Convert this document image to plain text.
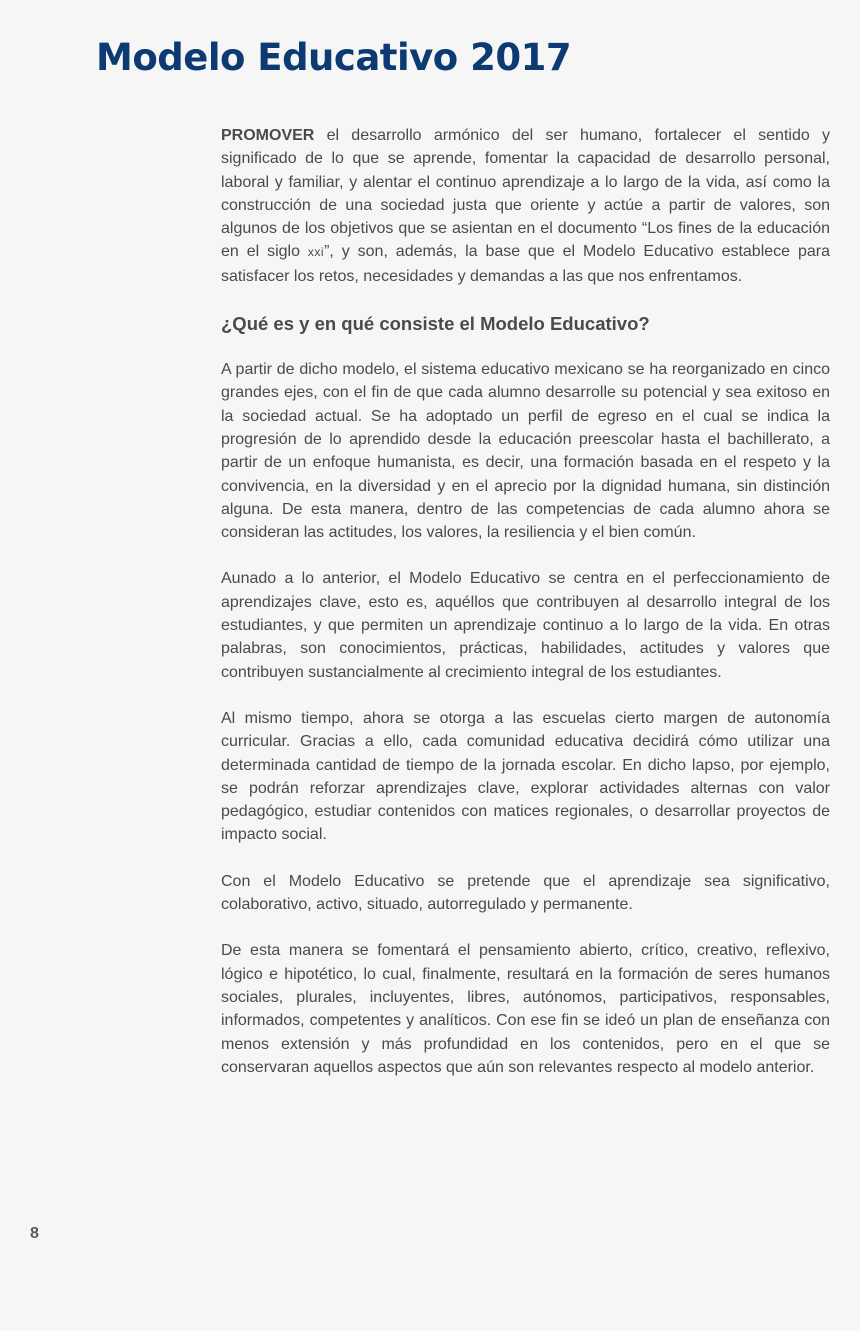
Modelo Educativo 2017

PROMOVER el desarrollo armónico del ser humano, fortalecer el sentido y significado de lo que se aprende, fomentar la capacidad de desarrollo personal, laboral y familiar, y alentar el continuo aprendizaje a lo largo de la vida, así como la construcción de una sociedad justa que oriente y actúe a partir de valores, son algunos de los objetivos que se asientan en el documento “Los fines de la educación en el siglo xxi”, y son, además, la base que el Modelo Educativo establece para satisfacer los retos, necesidades y demandas a las que nos enfrentamos.

¿Qué es y en qué consiste el Modelo Educativo?

A partir de dicho modelo, el sistema educativo mexicano se ha reorganizado en cinco grandes ejes, con el fin de que cada alumno desarrolle su potencial y sea exitoso en la sociedad actual. Se ha adoptado un perfil de egreso en el cual se indica la progresión de lo aprendido desde la educación preescolar hasta el bachillerato, a partir de un enfoque humanista, es decir, una formación basada en el respeto y la convivencia, en la diversidad y en el aprecio por la dignidad humana, sin distinción alguna. De esta manera, dentro de las competencias de cada alumno ahora se consideran las actitudes, los valores, la resiliencia y el bien común.

Aunado a lo anterior, el Modelo Educativo se centra en el perfeccionamiento de aprendizajes clave, esto es, aquéllos que contribuyen al desarrollo integral de los estudiantes, y que permiten un aprendizaje continuo a lo largo de la vida. En otras palabras, son conocimientos, prácticas, habilidades, actitudes y valores que contribuyen sustancialmente al crecimiento integral de los estudiantes.

Al mismo tiempo, ahora se otorga a las escuelas cierto margen de autonomía curricular. Gracias a ello, cada comunidad educativa decidirá cómo utilizar una determinada cantidad de tiempo de la jornada escolar. En dicho lapso, por ejemplo, se podrán reforzar aprendizajes clave, explorar actividades alternas con valor pedagógico, estudiar contenidos con matices regionales, o desarrollar proyectos de impacto social.

Con el Modelo Educativo se pretende que el aprendizaje sea significativo, colaborativo, activo, situado, autorregulado y permanente.

De esta manera se fomentará el pensamiento abierto, crítico, creativo, reflexivo, lógico e hipotético, lo cual, finalmente, resultará en la formación de seres humanos sociales, plurales, incluyentes, libres, autónomos, participativos, responsables, informados, competentes y analíticos. Con ese fin se ideó un plan de enseñanza con menos extensión y más profundidad en los contenidos, pero en el que se conservaran aquellos aspectos que aún son relevantes respecto al modelo anterior.

8
